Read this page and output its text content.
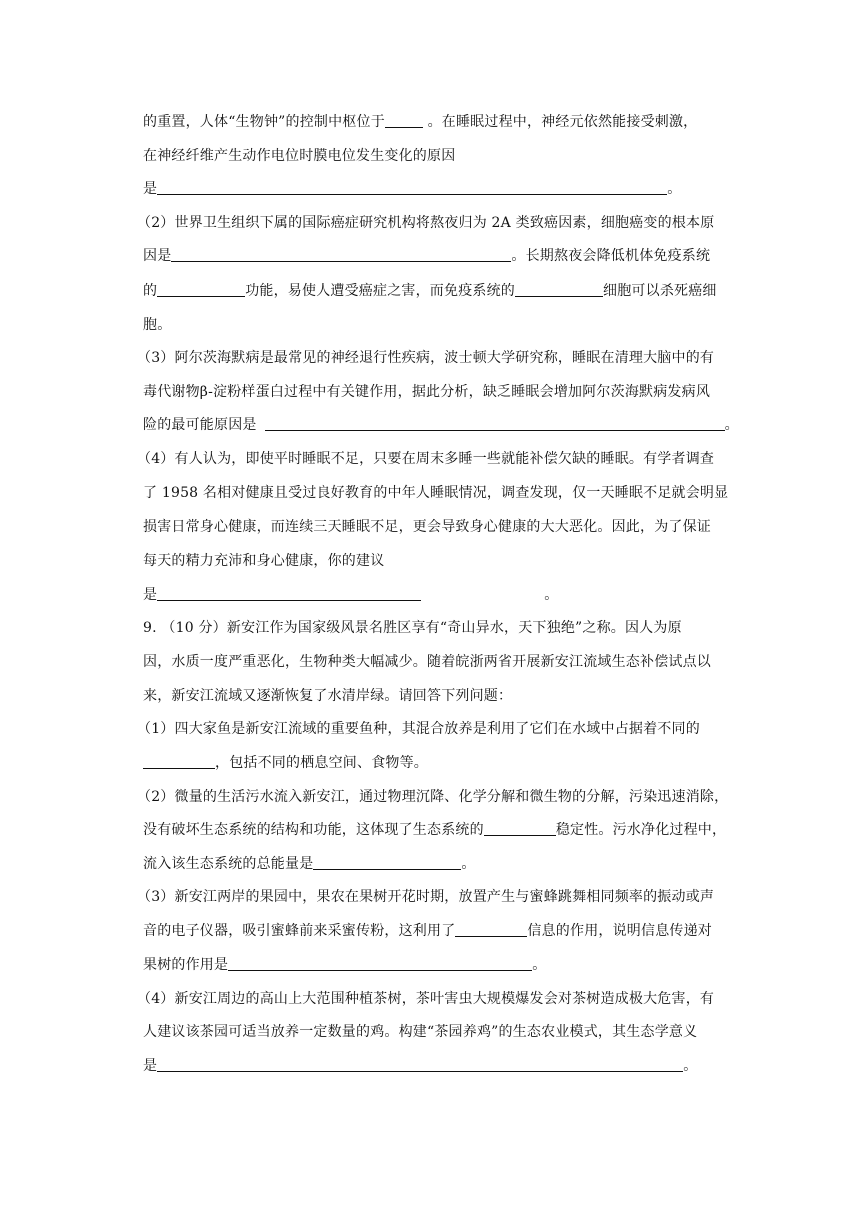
的重置，人体“生物钟”的控制中枢位于	。在睡眠过程中，神经元依然能接受刺激，
在神经纤维产生动作电位时膜电位发生变化的原因
是	。
（2）世界卫生组织下属的国际癌症研究机构将熬夜归为 2A 类致癌因素，细胞癌变的根本原
因是	。长期熬夜会降低机体免疫系统
的	功能，易使人遭受癌症之害，而免疫系统的	细胞可以杀死癌细
胞。
（3）阿尔茨海默病是最常见的神经退行性疾病，波士顿大学研究称，睡眠在清理大脑中的有
毒代谢物β-淀粉样蛋白过程中有关键作用，据此分析，缺乏睡眠会增加阿尔茨海默病发病风
险的最可能原因是	。
（4）有人认为，即使平时睡眠不足，只要在周末多睡一些就能补偿欠缺的睡眠。有学者调查
了 1958 名相对健康且受过良好教育的中年人睡眠情况，调查发现，仅一天睡眠不足就会明显
损害日常身心健康，而连续三天睡眠不足，更会导致身心健康的大大恶化。因此，为了保证
每天的精力充沛和身心健康，你的建议
是	。
9. （10 分）新安江作为国家级风景名胜区享有“奇山异水，天下独绝”之称。因人为原
因，水质一度严重恶化，生物种类大幅减少。随着皖浙两省开展新安江流域生态补偿试点以
来，新安江流域又逐渐恢复了水清岸绿。请回答下列问题：
（1）四大家鱼是新安江流域的重要鱼种，其混合放养是利用了它们在水域中占据着不同的
，包括不同的栖息空间、食物等。
（2）微量的生活污水流入新安江，通过物理沉降、化学分解和微生物的分解，污染迅速消除，
没有破坏生态系统的结构和功能，这体现了生态系统的	稳定性。污水净化过程中，
流入该生态系统的总能量是	。
（3）新安江两岸的果园中，果农在果树开花时期，放置产生与蜜蜂跳舞相同频率的振动或声
音的电子仪器，吸引蜜蜂前来采蜜传粉，这利用了	信息的作用，说明信息传递对
果树的作用是	。
（4）新安江周边的高山上大范围种植茶树，茶叶害虫大规模爆发会对茶树造成极大危害，有
人建议该茶园可适当放养一定数量的鸡。构建“茶园养鸡”的生态农业模式，其生态学意义
是	。
